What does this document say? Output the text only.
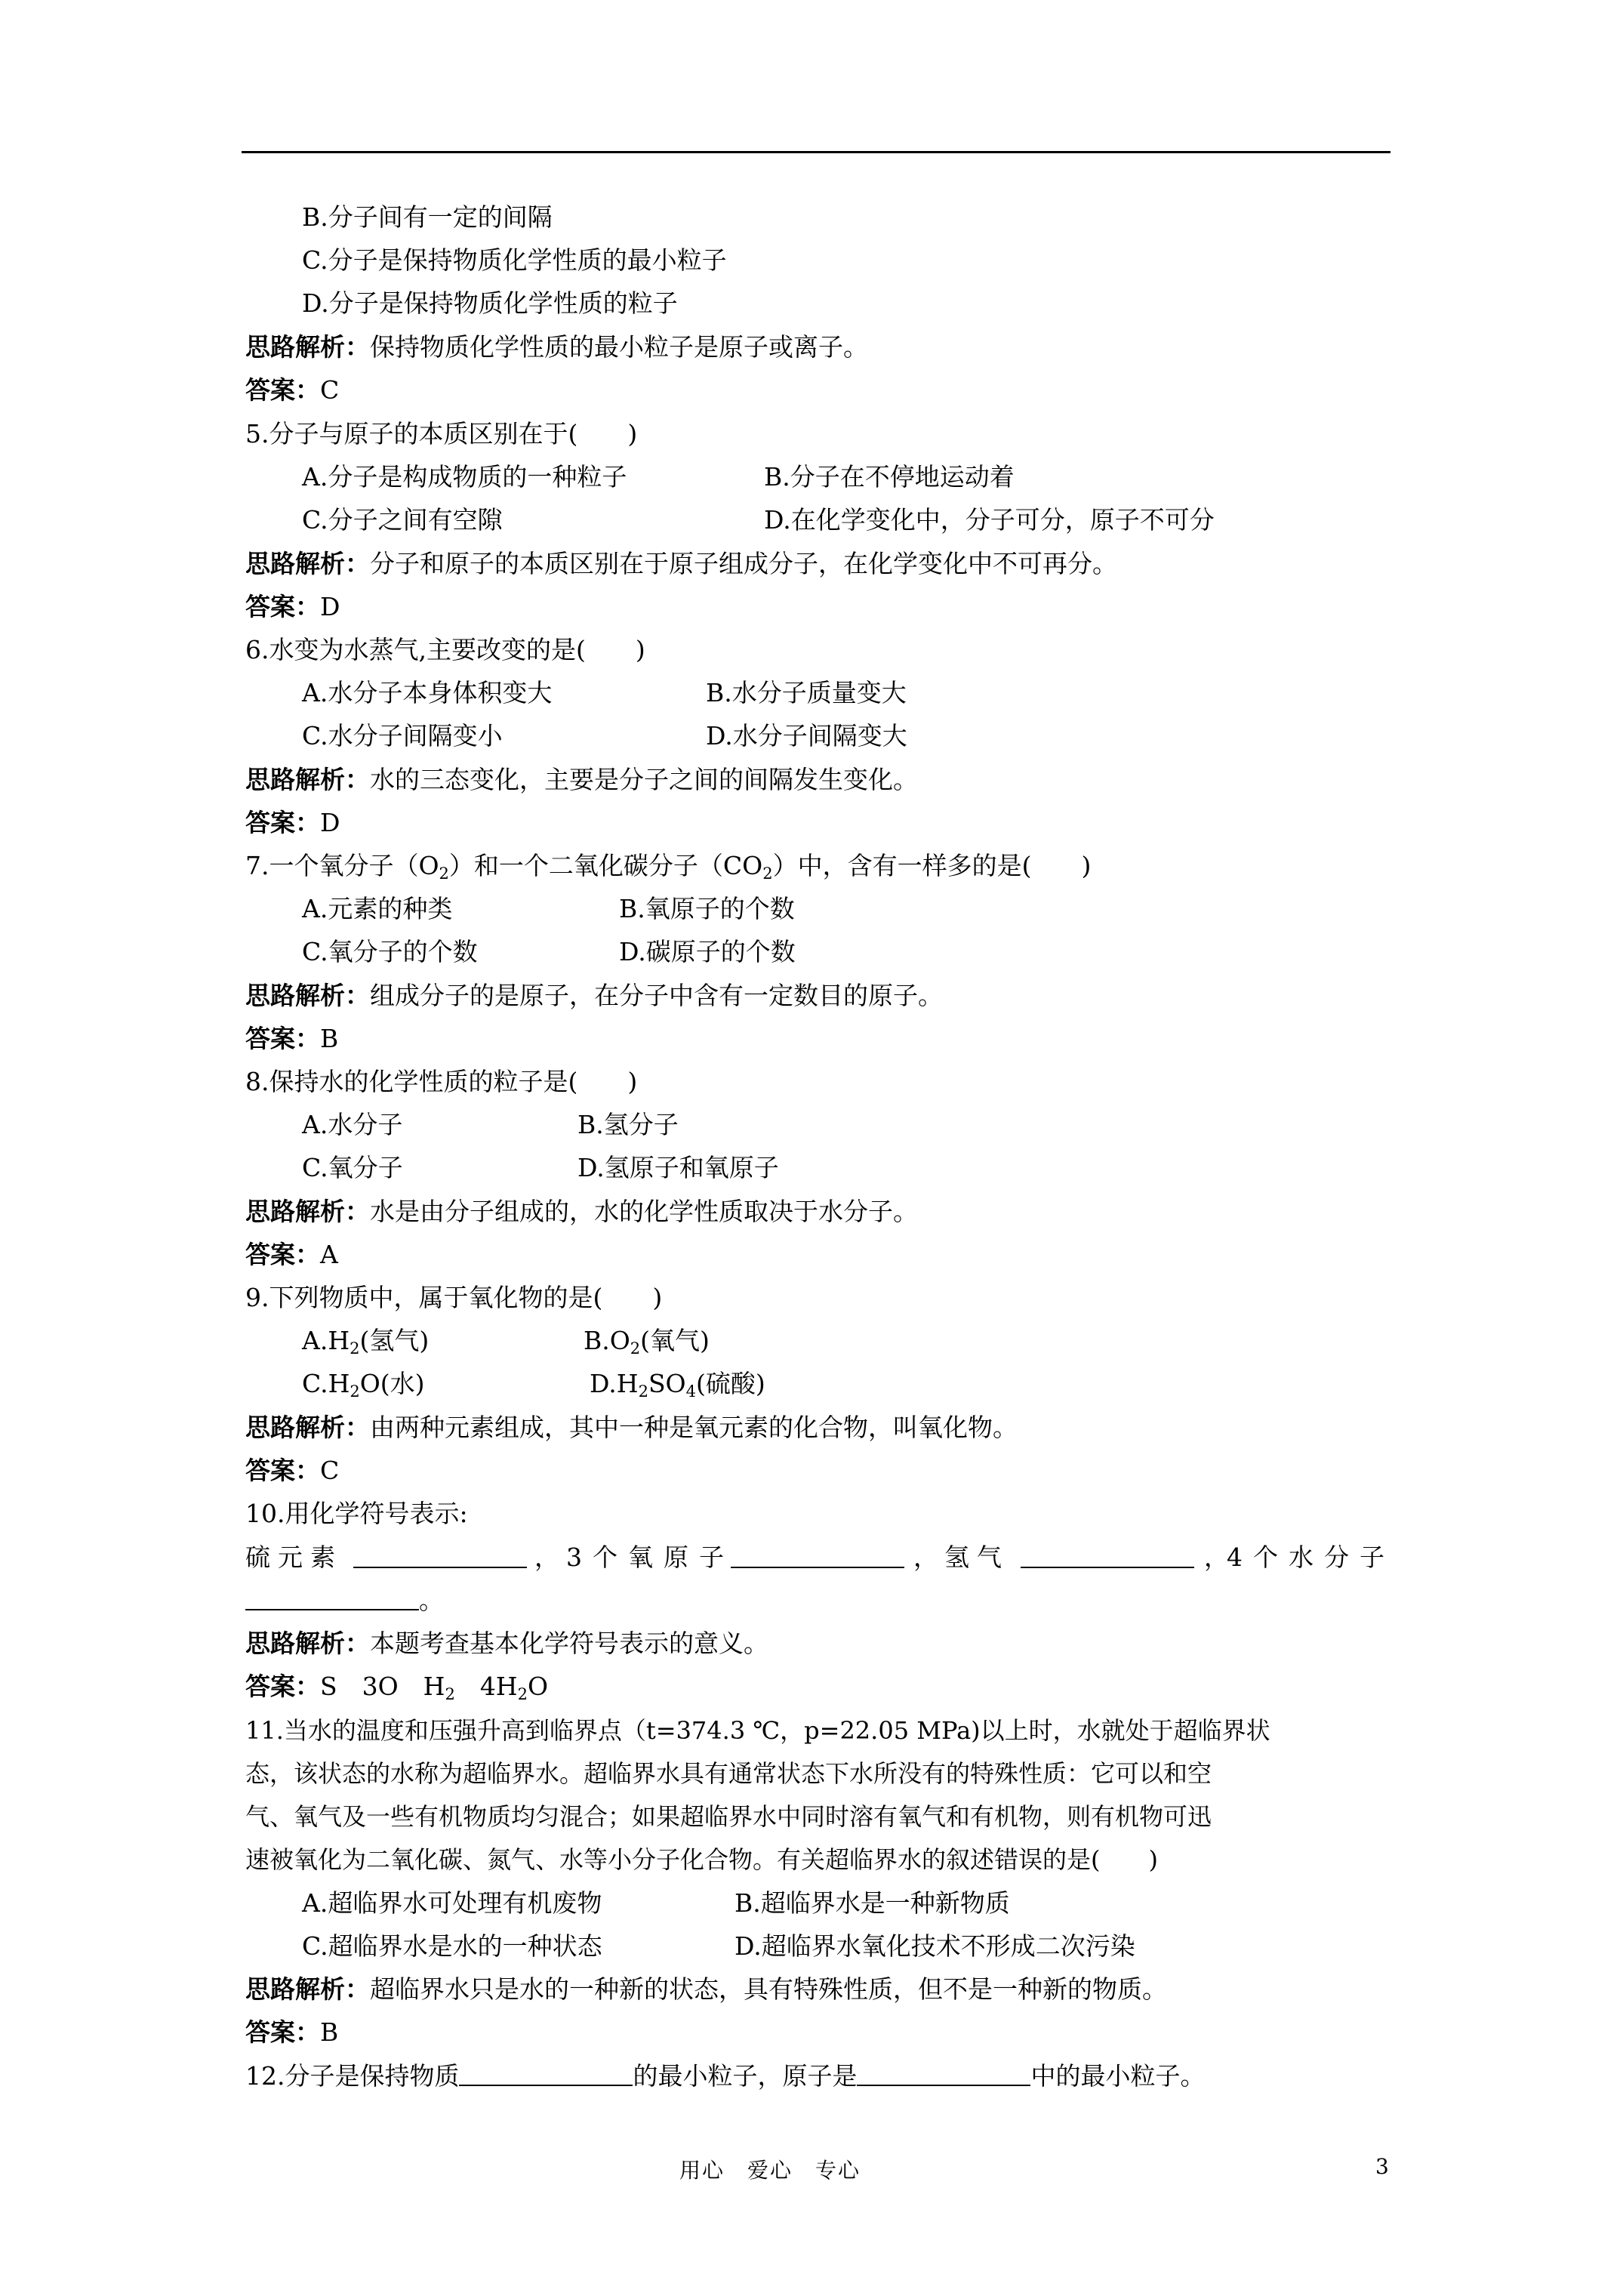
B.分子间有一定的间隔
C.分子是保持物质化学性质的最小粒子
D.分子是保持物质化学性质的粒子
思路解析：保持物质化学性质的最小粒子是原子或离子。
答案：C
5.分子与原子的本质区别在于(　　)
A.分子是构成物质的一种粒子	B.分子在不停地运动着
C.分子之间有空隙	D.在化学变化中，分子可分，原子不可分
思路解析：分子和原子的本质区别在于原子组成分子，在化学变化中不可再分。
答案：D
6.水变为水蒸气,主要改变的是(　　)
A.水分子本身体积变大	B.水分子质量变大
C.水分子间隔变小	D.水分子间隔变大
思路解析：水的三态变化，主要是分子之间的间隔发生变化。
答案：D
7.一个氧分子$(O_2)$和一个二氧化碳分子$(CO_2)$中，含有一样多的是(　　)
A.元素的种类	B.氧原子的个数
C.氧分子的个数	D.碳原子的个数
思路解析：组成分子的是原子，在分子中含有一定数目的原子。
答案：B
8.保持水的化学性质的粒子是(　　)
A.水分子	B.氢分子
C.氧分子	D.氢原子和氧原子
思路解析：水是由分子组成的，水的化学性质取决于水分子。
答案：A
9.下列物质中，属于氧化物的是(　　)
$A.H_2$(氢气)	$B.O_2$(氧气)
$C.H_2O$(水)	$D.H_2SO_4$(硫酸)
思路解析：由两种元素组成，其中一种是氧元素的化合物，叫氧化物。
答案：C
10.用化学符号表示:
硫元素	， 3个氧原子	， 氢气	，
4个水分子
。
思路解析：本题考查基本化学符号表示的意义。
答案：S　3O　$H_2$　$4H_2O$
11.当水的温度和压强升高到临界点（t=374.3 ℃，p=22.05 MPa)以上时，水就处于超临界状
态，该状态的水称为超临界水。超临界水具有通常状态下水所没有的特殊性质：它可以和空
气、氧气及一些有机物质均匀混合；如果超临界水中同时溶有氧气和有机物，则有机物可迅
速被氧化为二氧化碳、氮气、水等小分子化合物。有关超临界水的叙述错误的是(　　)
A.超临界水可处理有机废物	B.超临界水是一种新物质
C.超临界水是水的一种状态	D.超临界水氧化技术不形成二次污染
思路解析：超临界水只是水的一种新的状态，具有特殊性质，但不是一种新的物质。
答案：B
12.分子是保持物质	的最小粒子，原子是	中的最小粒子。
用心　爱心　专心	3
